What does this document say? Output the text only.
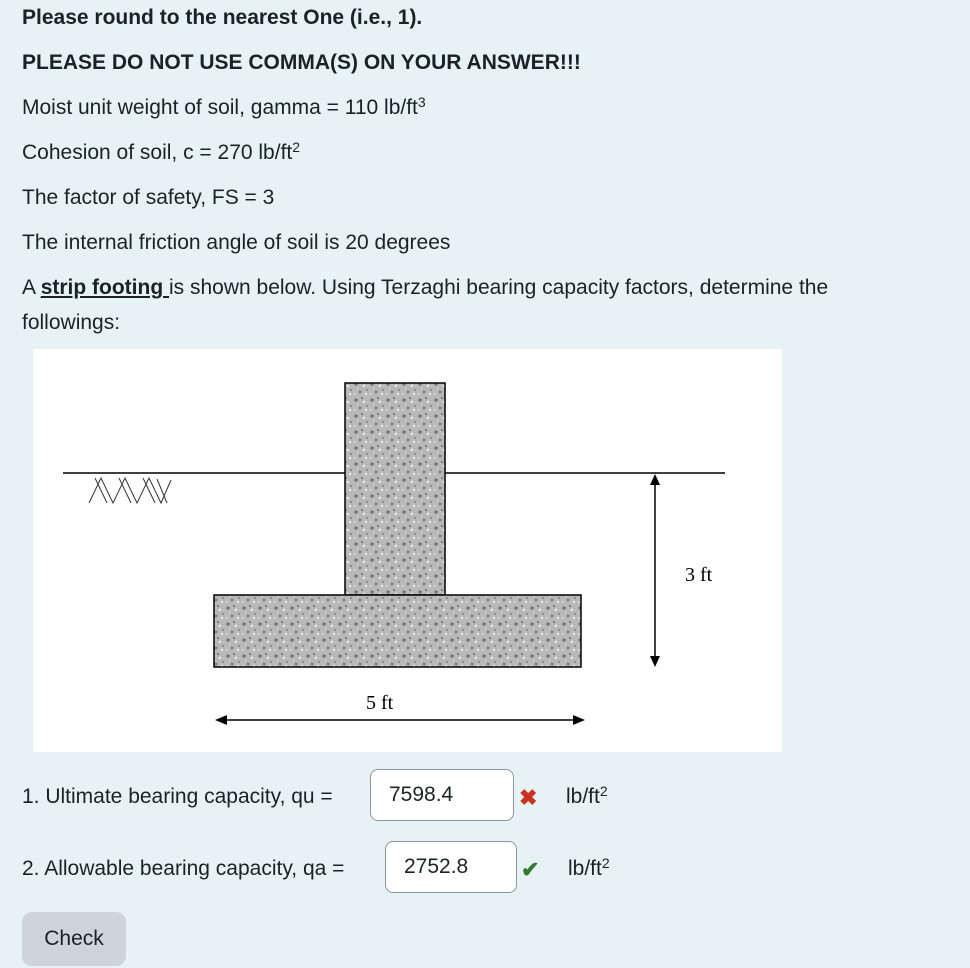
Please round to the nearest One (i.e., 1).
PLEASE DO NOT USE COMMA(S) ON YOUR ANSWER!!!
Moist unit weight of soil, gamma = 110 $lb/ft^3$
Cohesion of soil, c = 270 $lb/ft^2$
The factor of safety, FS = 3
The internal friction angle of soil is 20 degrees
A strip footing is shown below. Using Terzaghi bearing capacity factors, determine the
followings:
3 ft
5 ft
1. Ultimate bearing capacity, qu =
7598.4	✖ $lb/ft^2$
2. Allowable bearing capacity, qa =
2752.8	✔ $lb/ft^2$
Check
